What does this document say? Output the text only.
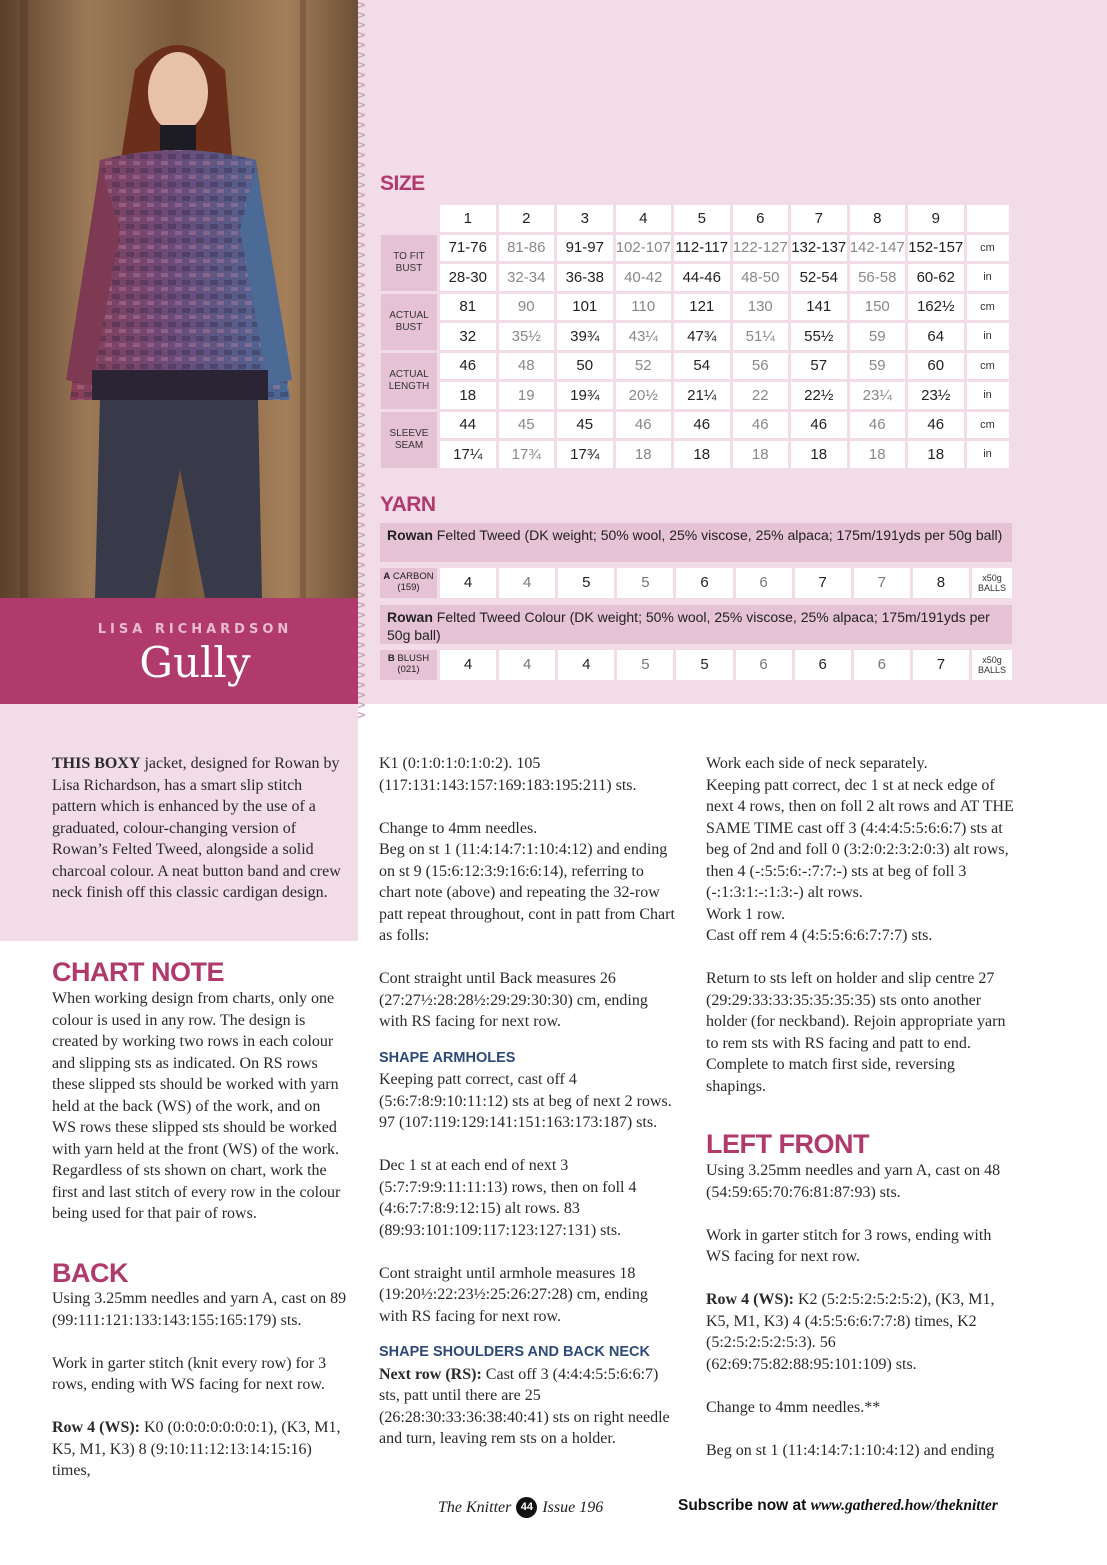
LISA RICHARDSON
Gully

THIS BOXY jacket, designed for Rowan by Lisa Richardson, has a smart slip stitch pattern which is enhanced by the use of a graduated, colour-changing version of Rowan’s Felted Tweed, alongside a solid charcoal colour. A neat button band and crew neck finish off this classic cardigan design.

SIZE
	1	2	3	4	5	6	7	8	9	
TO FIT BUST	71-76	81-86	91-97	102-107	112-117	122-127	132-137	142-147	152-157	cm
	28-30	32-34	36-38	40-42	44-46	48-50	52-54	56-58	60-62	in
ACTUAL BUST	81	90	101	110	121	130	141	150	162½	cm
	32	35½	39¾	43¼	47¾	51¼	55½	59	64	in
ACTUAL LENGTH	46	48	50	52	54	56	57	59	60	cm
	18	19	19¾	20½	21¼	22	22½	23¼	23½	in
SLEEVE SEAM	44	45	45	46	46	46	46	46	46	cm
	17¼	17¾	17¾	18	18	18	18	18	18	in
YARN
Rowan Felted Tweed (DK weight; 50% wool, 25% viscose, 25% alpaca; 175m/191yds per 50g ball)
A CARBON
(159)	4	4	5	5	6	6	7	7	8	x50g BALLS
Rowan Felted Tweed Colour (DK weight; 50% wool, 25% viscose, 25% alpaca; 175m/191yds per 50g ball)
B BLUSH
(021)	4	4	4	5	5	6	6	6	7	x50g BALLS
CHART NOTE

When working design from charts, only one colour is used in any row. The design is created by working two rows in each colour and slipping sts as indicated. On RS rows these slipped sts should be worked with yarn held at the back (WS) of the work, and on WS rows these slipped sts should be worked with yarn held at the front (WS) of the work. Regardless of sts shown on chart, work the first and last stitch of every row in the colour being used for that pair of rows.

BACK

Using 3.25mm needles and yarn A, cast on 89 (99:111:121:133:143:155:165:179) sts.

Work in garter stitch (knit every row) for 3 rows, ending with WS facing for next row.

Row 4 (WS): K0 (0:0:0:0:0:0:0:1), (K3, M1, K5, M1, K3) 8 (9:10:11:12:13:14:15:16) times,

K1 (0:1:0:1:0:1:0:2). 105 (117:131:143:157:169:183:195:211) sts.

Change to 4mm needles.

Beg on st 1 (11:4:14:7:1:10:4:12) and ending on st 9 (15:6:12:3:9:16:6:14), referring to chart note (above) and repeating the 32-row patt repeat throughout, cont in patt from Chart as folls:

Cont straight until Back measures 26 (27:27½:28:28½:29:29:30:30) cm, ending with RS facing for next row.

SHAPE ARMHOLES

Keeping patt correct, cast off 4 (5:6:7:8:9:10:11:12) sts at beg of next 2 rows. 97 (107:119:129:141:151:163:173:187) sts.

Dec 1 st at each end of next 3 (5:7:7:9:9:11:11:13) rows, then on foll 4 (4:6:7:7:8:9:12:15) alt rows. 83 (89:93:101:109:117:123:127:131) sts.

Cont straight until armhole measures 18 (19:20½:22:23½:25:26:27:28) cm, ending with RS facing for next row.

SHAPE SHOULDERS AND BACK NECK

Next row (RS): Cast off 3 (4:4:4:5:5:6:6:7) sts, patt until there are 25 (26:28:30:33:36:38:40:41) sts on right needle and turn, leaving rem sts on a holder.

Work each side of neck separately.

Keeping patt correct, dec 1 st at neck edge of next 4 rows, then on foll 2 alt rows and AT THE SAME TIME cast off 3 (4:4:4:5:5:6:6:7) sts at beg of 2nd and foll 0 (3:2:0:2:3:2:0:3) alt rows, then 4 (-:5:5:6:-:7:7:-) sts at beg of foll 3 (-:1:3:1:-:1:3:-) alt rows.

Work 1 row.

Cast off rem 4 (4:5:5:6:6:7:7:7) sts.

Return to sts left on holder and slip centre 27 (29:29:33:33:35:35:35:35) sts onto another holder (for neckband). Rejoin appropriate yarn to rem sts with RS facing and patt to end.

Complete to match first side, reversing shapings.

LEFT FRONT

Using 3.25mm needles and yarn A, cast on 48 (54:59:65:70:76:81:87:93) sts.

Work in garter stitch for 3 rows, ending with WS facing for next row.

Row 4 (WS): K2 (5:2:5:2:5:2:5:2), (K3, M1, K5, M1, K3) 4 (4:5:5:6:6:7:7:8) times, K2 (5:2:5:2:5:2:5:3). 56 (62:69:75:82:88:95:101:109) sts.

Change to 4mm needles.**

Beg on st 1 (11:4:14:7:1:10:4:12) and ending

The Knitter 44 Issue 196	Subscribe now at www.gathered.how/theknitter
